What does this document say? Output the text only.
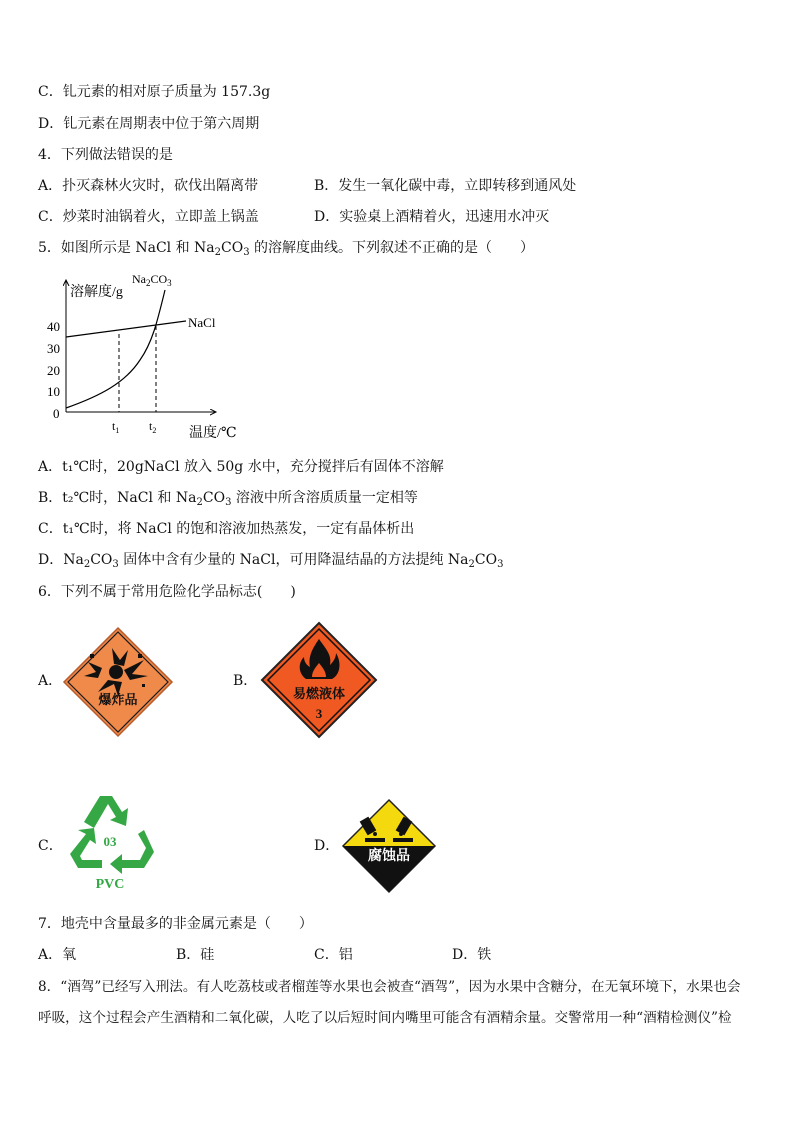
C．钆元素的相对原子质量为 157.3g
D．钆元素在周期表中位于第六周期
4．下列做法错误的是
A．扑灭森林火灾时，砍伐出隔离带	B．发生一氧化碳中毒，立即转移到通风处
C．炒菜时油锅着火，立即盖上锅盖	D．实验桌上酒精着火，迅速用水冲灭
5．如图所示是 NaCl 和 $Na_2CO_3$ 的溶解度曲线。下列叙述不正确的是（　　）
溶解度/g
40
30
20
10
0
NaCl
$Na_2CO_3$
$t_1$ $t_2$ 温度/℃
A．t₁℃时，20gNaCl 放入 50g 水中，充分搅拌后有固体不溶解
B．t₂℃时，NaCl 和 $Na_2CO_3$ 溶液中所含溶质质量一定相等
C．t₁℃时，将 NaCl 的饱和溶液加热蒸发，一定有晶体析出
D．$Na_2CO_3$ 固体中含有少量的 NaCl，可用降温结晶的方法提纯 $Na_2CO_3$
6．下列不属于常用危险化学品标志(　　)
A．
爆炸品
B．
易燃液体
3
C．	03
PVC
D．
腐蚀品
7．地壳中含量最多的非金属元素是（　　）
A．氧	B．硅	C．铝	D．铁
8．“酒驾”已经写入刑法。有人吃荔枝或者榴莲等水果也会被查“酒驾”，因为水果中含糖分，在无氧环境下，水果也会
呼吸，这个过程会产生酒精和二氧化碳，人吃了以后短时间内嘴里可能含有酒精余量。交警常用一种“酒精检测仪”检
